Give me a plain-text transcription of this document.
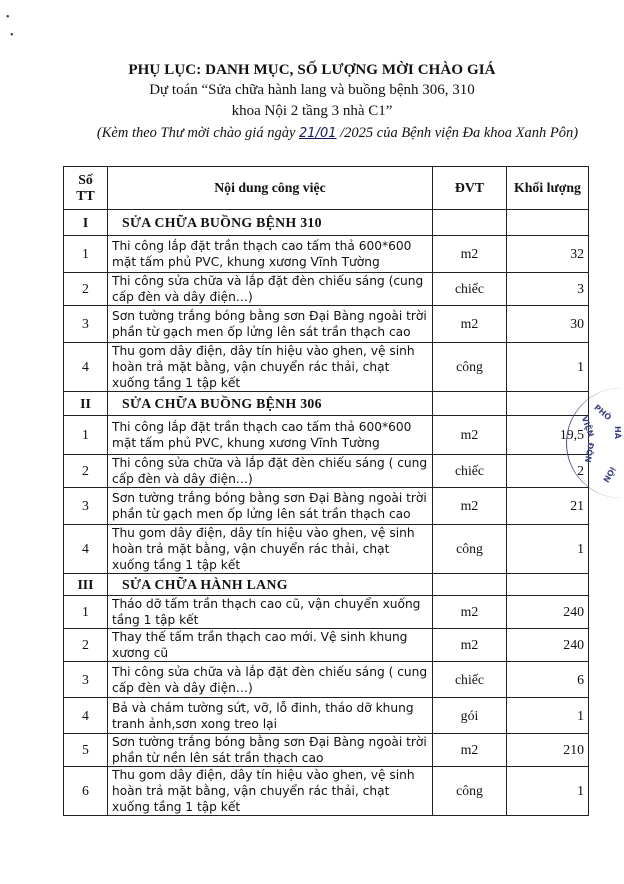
•
•
PHỤ LỤC: DANH MỤC, SỐ LƯỢNG MỜI CHÀO GIÁ
Dự toán “Sửa chữa hành lang và buồng bệnh 306, 310
khoa Nội 2 tầng 3 nhà C1”
(Kèm theo Thư mời chào giá ngày 21/01 /2025 của Bệnh viện Đa khoa Xanh Pôn)
Số TT	Nội dung công việc	ĐVT	Khối lượng
I	SỬA CHỮA BUỒNG BỆNH 310		
1	Thi công lắp đặt trần thạch cao tấm thả 600*600 mặt tấm phủ PVC, khung xương Vĩnh Tường	m2	32
2	Thi công sửa chữa và lắp đặt đèn chiếu sáng (cung cấp đèn và dây điện…)	chiếc	3
3	Sơn tường trắng bóng bằng sơn Đại Bàng ngoài trời phần từ gạch men ốp lửng lên sát trần thạch cao	m2	30
4	Thu gom dây điện, dây tín hiệu vào ghen, vệ sinh hoàn trả mặt bằng, vận chuyển rác thải, chạt xuống tầng 1 tập kết	công	1
II	SỬA CHỮA BUỒNG BỆNH 306		
1	Thi công lắp đặt trần thạch cao tấm thả 600*600 mặt tấm phủ PVC, khung xương Vĩnh Tường	m2	19,5
2	Thi công sửa chữa và lắp đặt đèn chiếu sáng ( cung cấp đèn và dây điện…)	chiếc	2
3	Sơn tường trắng bóng bằng sơn Đại Bàng ngoài trời phần từ gạch men ốp lửng lên sát trần thạch cao	m2	21
4	Thu gom dây điện, dây tín hiệu vào ghen, vệ sinh hoàn trả mặt bằng, vận chuyển rác thải, chạt xuống tầng 1 tập kết	công	1
III	SỬA CHỮA HÀNH LANG		
1	Tháo dỡ tấm trần thạch cao cũ, vận chuyển xuống tầng 1 tập kết	m2	240
2	Thay thế tấm trần thạch cao mới. Vệ sinh khung xương cũ	m2	240
3	Thi công sửa chữa và lắp đặt đèn chiếu sáng ( cung cấp đèn và dây điện…)	chiếc	6
4	Bả và chám tường sứt, vỡ, lỗ đinh, tháo dỡ khung tranh ảnh,sơn xong treo lại	gói	1
5	Sơn tường trắng bóng bằng sơn Đại Bàng ngoài trời phần từ nền lên sát trần thạch cao	m2	210
6	Thu gom dây điện, dây tín hiệu vào ghen, vệ sinh hoàn trả mặt bằng, vận chuyển rác thải, chạt xuống tầng 1 tập kết	công	1
PHÒ
VIỆN HÀ
ĐÔN
iÔN
